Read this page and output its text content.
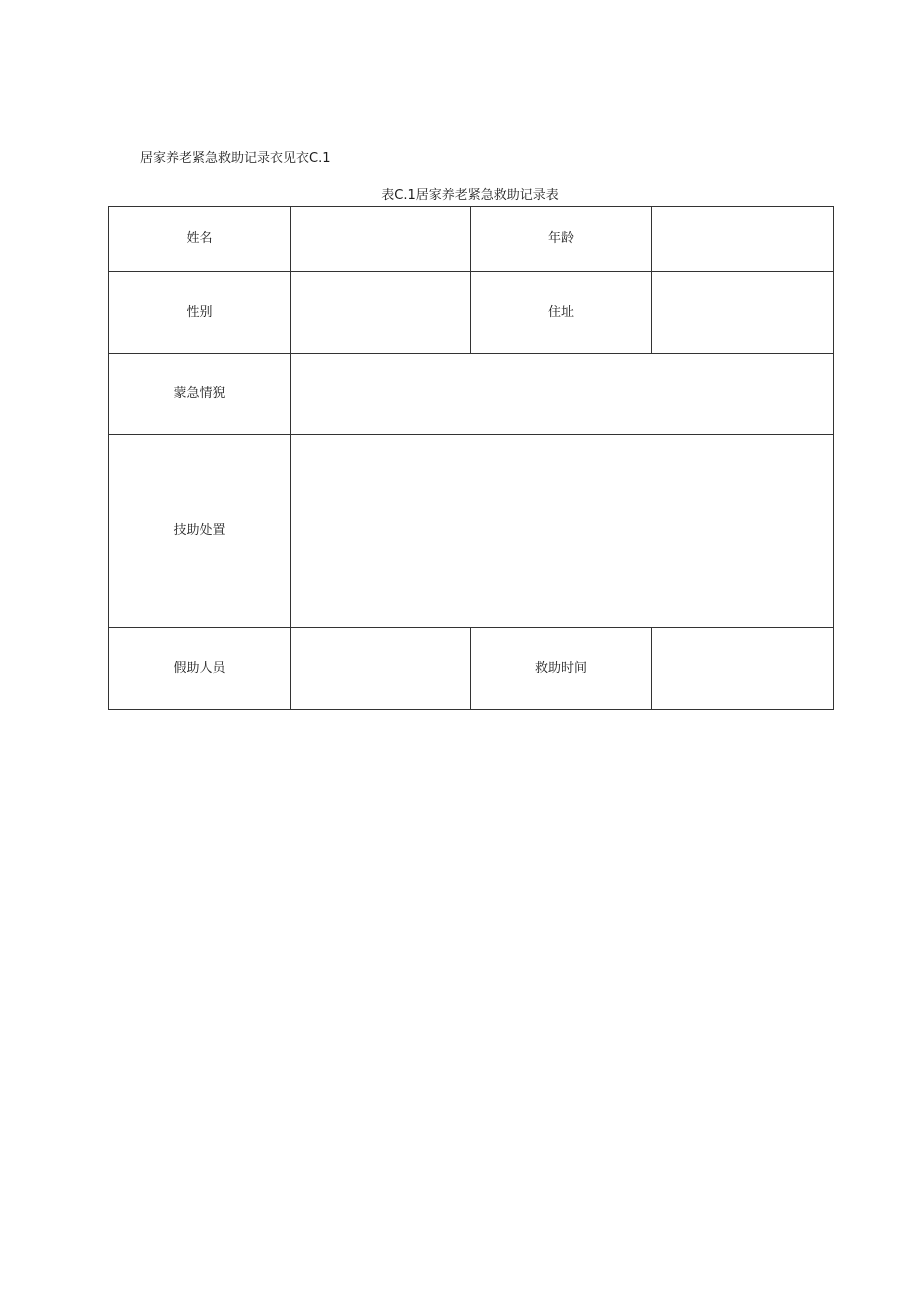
居家养老紧急救助记录衣见衣C.1
表C.1居家养老紧急救助记录表
姓名		年龄	
性别		住址	
蒙急情猊			
技助处置			
假助人员		救助时间	
